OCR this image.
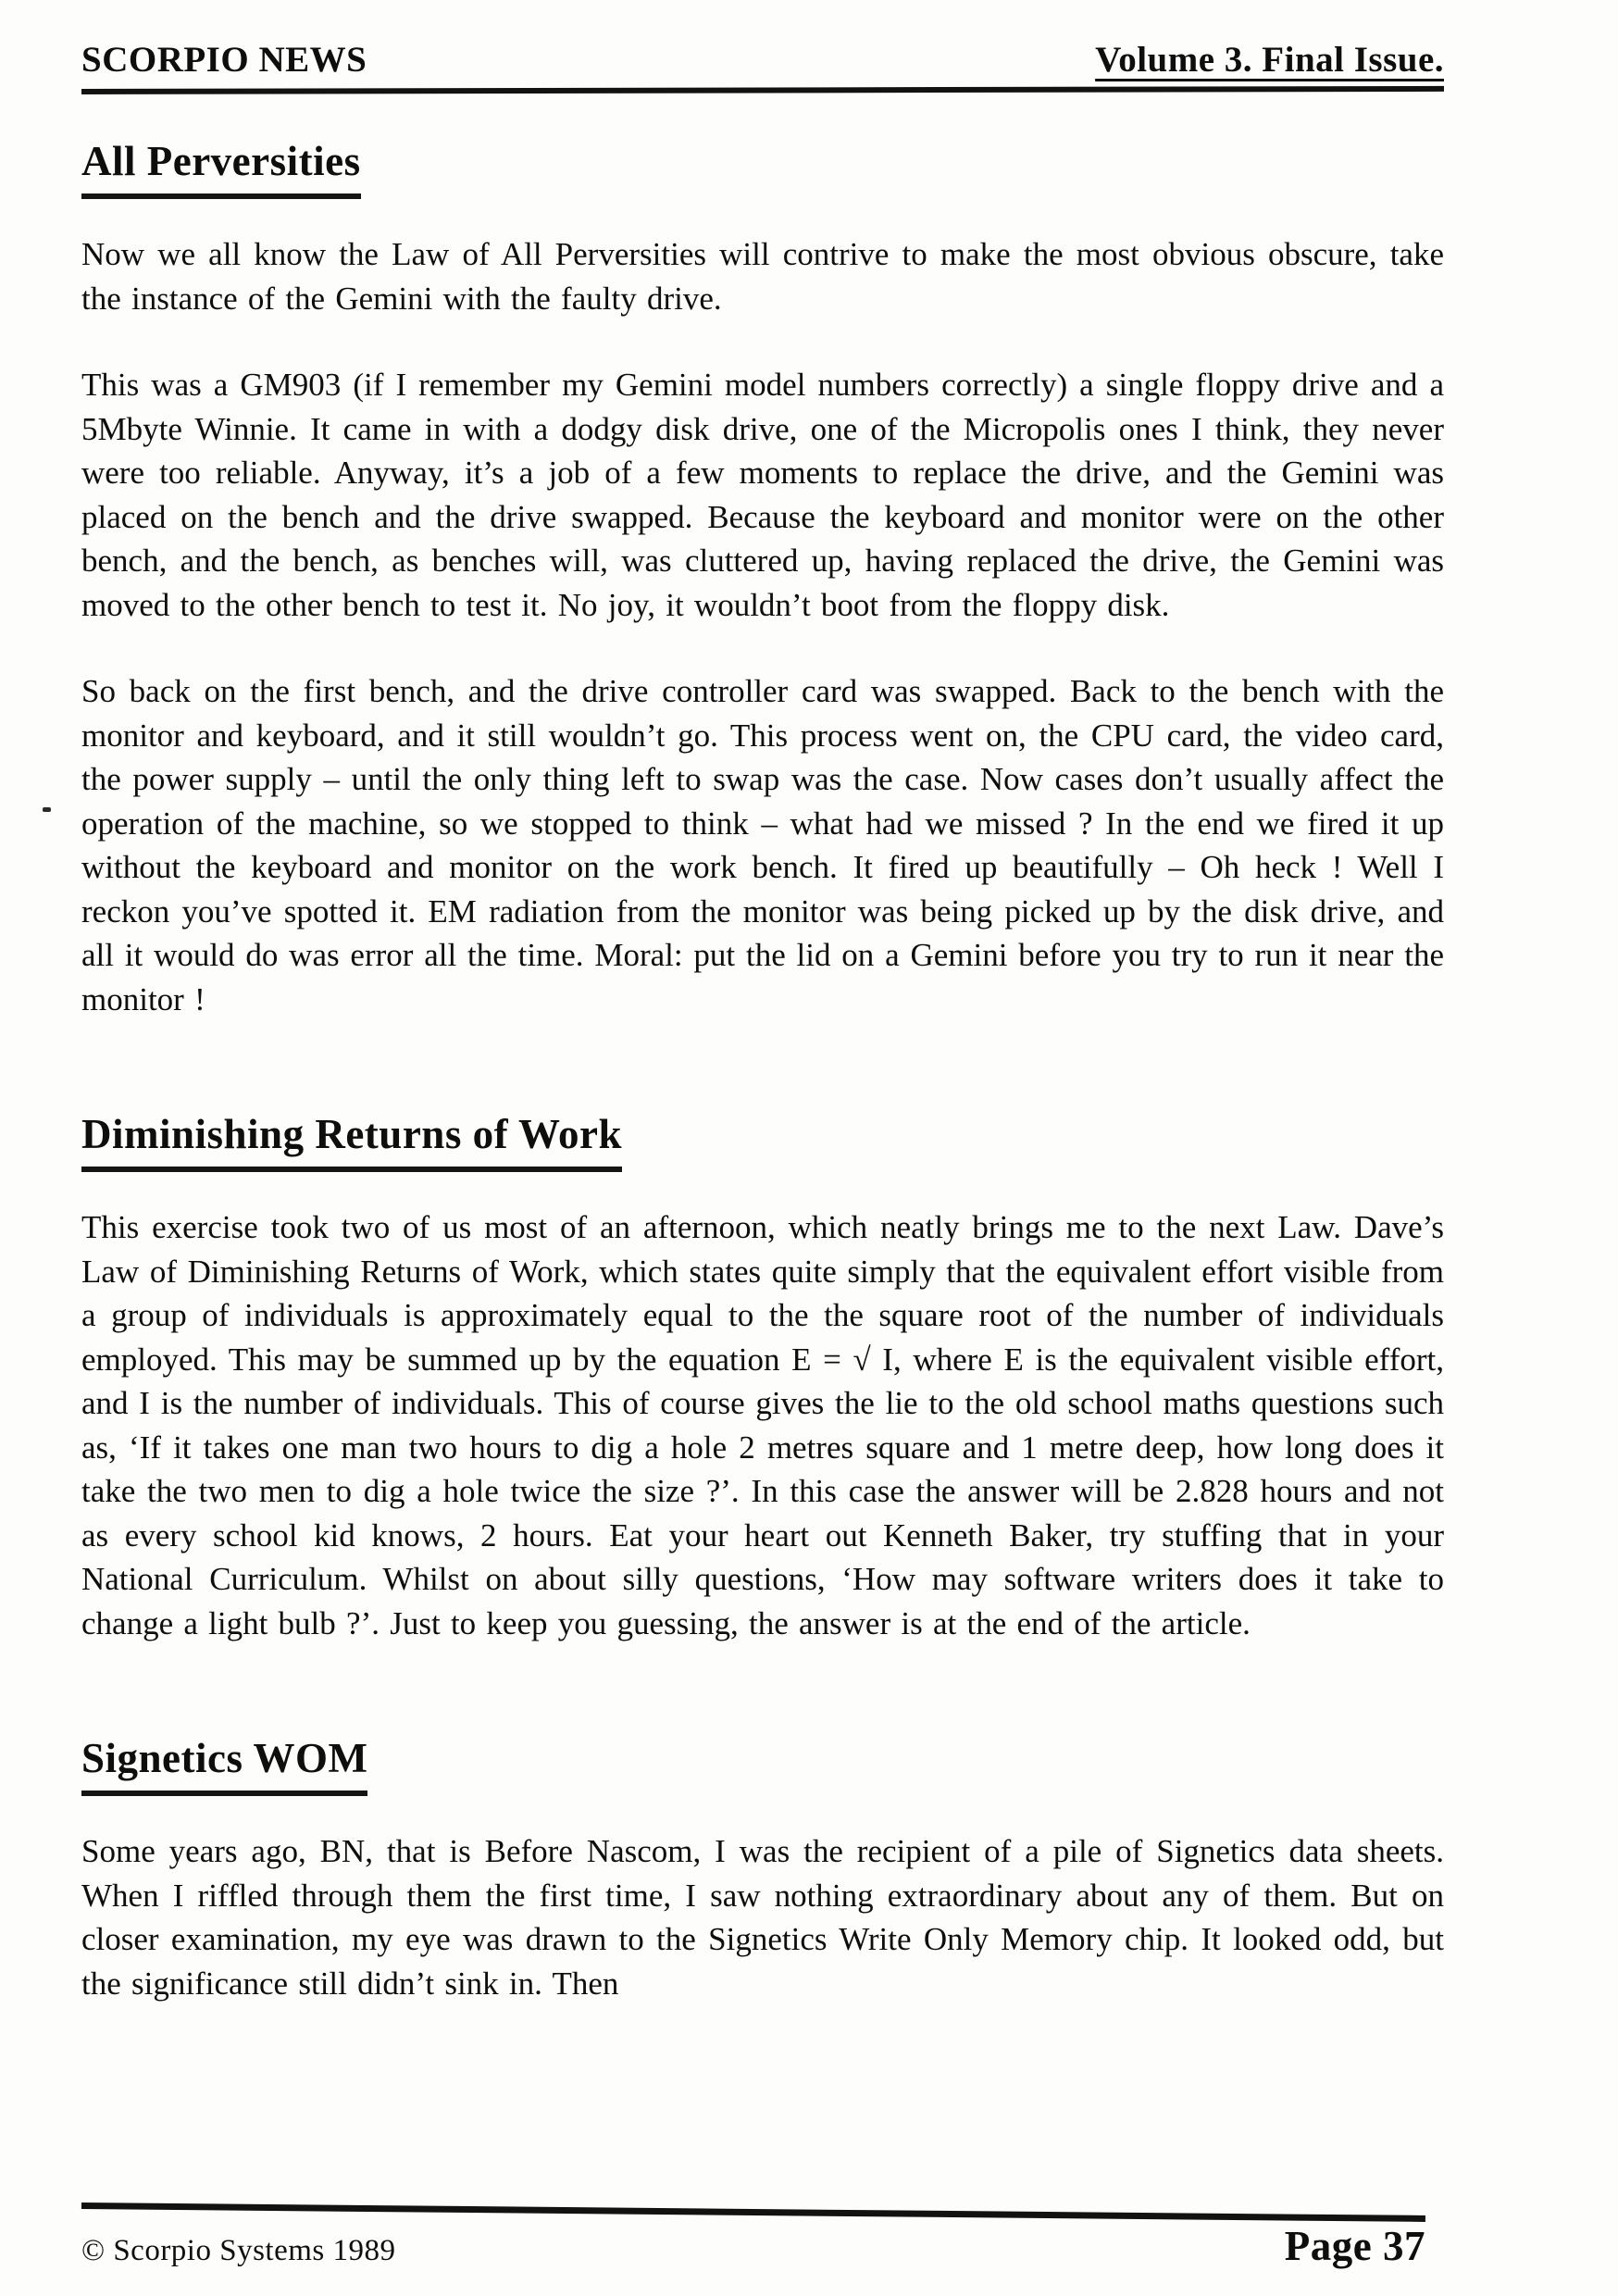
SCORPIO NEWS	Volume 3. Final Issue.
All Perversities

Now we all know the Law of All Perversities will contrive to make the most obvious obscure, take the instance of the Gemini with the faulty drive.

This was a GM903 (if I remember my Gemini model numbers correctly) a single floppy drive and a 5Mbyte Winnie. It came in with a dodgy disk drive, one of the Micropolis ones I think, they never were too reliable. Anyway, it’s a job of a few moments to replace the drive, and the Gemini was placed on the bench and the drive swapped. Because the keyboard and monitor were on the other bench, and the bench, as benches will, was cluttered up, having replaced the drive, the Gemini was moved to the other bench to test it. No joy, it wouldn’t boot from the floppy disk.

So back on the first bench, and the drive controller card was swapped. Back to the bench with the monitor and keyboard, and it still wouldn’t go. This process went on, the CPU card, the video card, the power supply – until the only thing left to swap was the case. Now cases don’t usually affect the operation of the machine, so we stopped to think – what had we missed ? In the end we fired it up without the keyboard and monitor on the work bench. It fired up beautifully – Oh heck ! Well I reckon you’ve spotted it. EM radiation from the monitor was being picked up by the disk drive, and all it would do was error all the time. Moral: put the lid on a Gemini before you try to run it near the monitor !

Diminishing Returns of Work

This exercise took two of us most of an afternoon, which neatly brings me to the next Law. Dave’s Law of Diminishing Returns of Work, which states quite simply that the equivalent effort visible from a group of individuals is approximately equal to the the square root of the number of individuals employed. This may be summed up by the equation E = √ I, where E is the equivalent visible effort, and I is the number of individuals. This of course gives the lie to the old school maths questions such as, ‘If it takes one man two hours to dig a hole 2 metres square and 1 metre deep, how long does it take the two men to dig a hole twice the size ?’. In this case the answer will be 2.828 hours and not as every school kid knows, 2 hours. Eat your heart out Kenneth Baker, try stuffing that in your National Curriculum. Whilst on about silly questions, ‘How may software writers does it take to change a light bulb ?’. Just to keep you guessing, the answer is at the end of the article.

Signetics WOM

Some years ago, BN, that is Before Nascom, I was the recipient of a pile of Signetics data sheets. When I riffled through them the first time, I saw nothing extraordinary about any of them. But on closer examination, my eye was drawn to the Signetics Write Only Memory chip. It looked odd, but the significance still didn’t sink in. Then

© Scorpio Systems 1989	Page 37
